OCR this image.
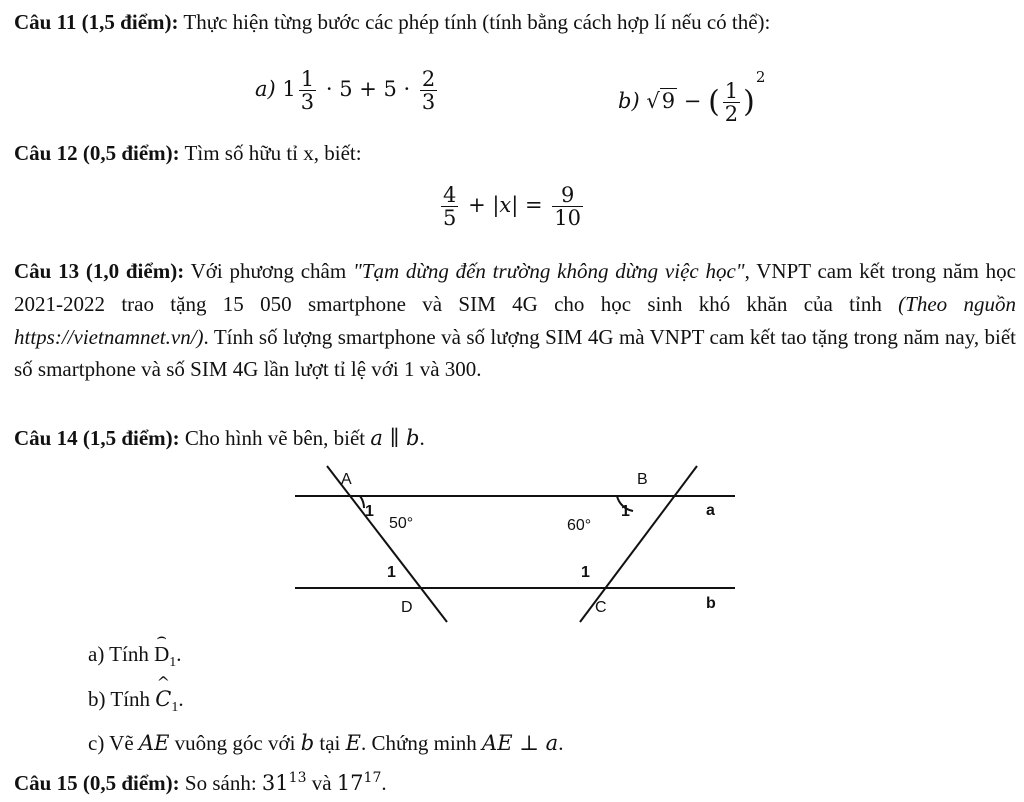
Câu 11 (1,5 điểm): Thực hiện từng bước các phép tính (tính bằng cách hợp lí nếu có thể):
a) $1 \frac{1}{3} \cdot 5 + 5 \cdot \frac{2}{3}$	b) √9 − ( $\frac{1}{2} )^2$
Câu 12 (0,5 điểm): Tìm số hữu tỉ x, biết:
$\frac{4}{5} + |x| = \frac{9}{10}$
Câu 13 (1,0 điểm): Với phương châm "Tạm dừng đến trường không dừng việc học", VNPT cam kết trong năm học 2021-2022 trao tặng 15 050 smartphone và SIM 4G cho học sinh khó khăn của tỉnh (Theo nguồn https://vietnamnet.vn/). Tính số lượng smartphone và số lượng SIM 4G mà VNPT cam kết tao tặng trong năm nay, biết số smartphone và số SIM 4G lần lượt tỉ lệ với 1 và 300.
Câu 14 (1,5 điểm): Cho hình vẽ bên, biết a ∥ b.
A	B
D	C
a
b
1	1
1	1
50°	60°
a) Tính D
⌢
$_1$.
b) Tính C
^
$_1$.
c) Vẽ AE vuông góc với b tại E. Chứng minh AE ⊥ a.
Câu 15 (0,5 điểm): So sánh: $31^{13}$ và $17^{17}$.
